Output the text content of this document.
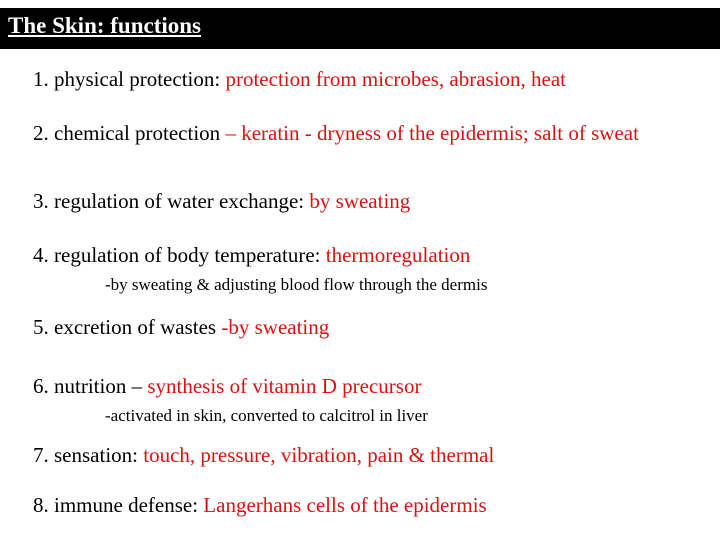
The Skin: functions
1. physical protection: protection from microbes, abrasion, heat
2. chemical protection – keratin - dryness of the epidermis; salt of sweat
3. regulation of water exchange: by sweating
4. regulation of body temperature: thermoregulation
-by sweating & adjusting blood flow through the dermis
5. excretion of wastes -by sweating
6. nutrition – synthesis of vitamin D precursor
-activated in skin, converted to calcitrol in liver
7. sensation: touch, pressure, vibration, pain & thermal
8. immune defense: Langerhans cells of the epidermis
